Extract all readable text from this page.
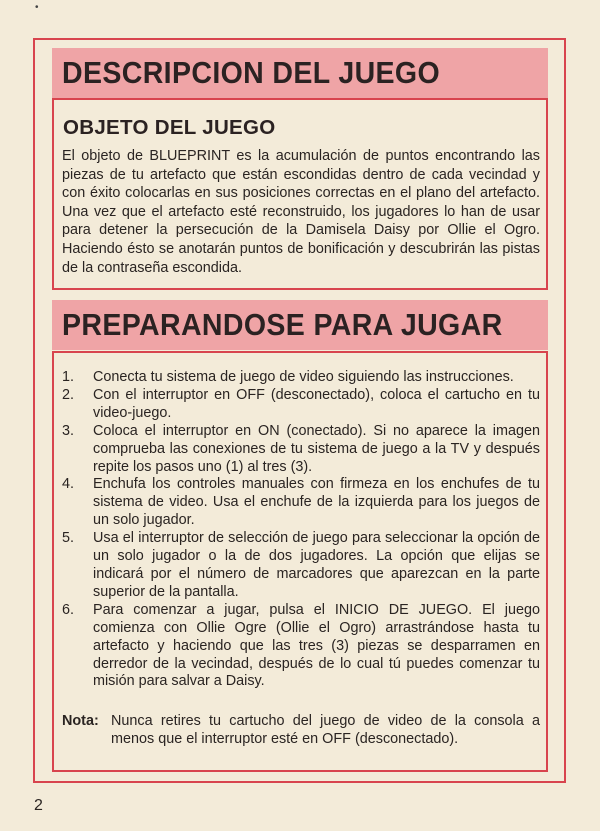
•
DESCRIPCION DEL JUEGO
OBJETO DEL JUEGO

El objeto de BLUEPRINT es la acumulación de puntos encontrando las piezas de tu artefacto que están escondidas dentro de cada vecindad y con éxito colocarlas en sus posiciones correctas en el plano del artefacto. Una vez que el artefacto esté reconstruido, los jugadores lo han de usar para detener la persecución de la Damisela Daisy por Ollie el Ogro. Haciendo ésto se anotarán puntos de bonificación y descubrirán las pistas de la contraseña escondida.

PREPARANDOSE PARA JUGAR
1.	Conecta tu sistema de juego de video siguiendo las instrucciones.
2.	Con el interruptor en OFF (desconectado), coloca el cartucho en tu video-juego.
3.	Coloca el interruptor en ON (conectado). Si no aparece la imagen comprueba las conexiones de tu sistema de juego a la TV y después repite los pasos uno (1) al tres (3).
4.	Enchufa los controles manuales con firmeza en los enchufes de tu sistema de video. Usa el enchufe de la izquierda para los juegos de un solo jugador.
5.	Usa el interruptor de selección de juego para seleccionar la opción de un solo jugador o la de dos jugadores. La opción que elijas se indicará por el número de marcadores que aparezcan en la parte superior de la pantalla.
6.	Para comenzar a jugar, pulsa el INICIO DE JUEGO. El juego comienza con Ollie Ogre (Ollie el Ogro) arrastrándose hasta tu artefacto y haciendo que las tres (3) piezas se desparramen en derredor de la vecindad, después de lo cual tú puedes comenzar tu misión para salvar a Daisy.

Nota: Nunca retires tu cartucho del juego de video de la consola a menos que el interruptor esté en OFF (desconectado).

2
